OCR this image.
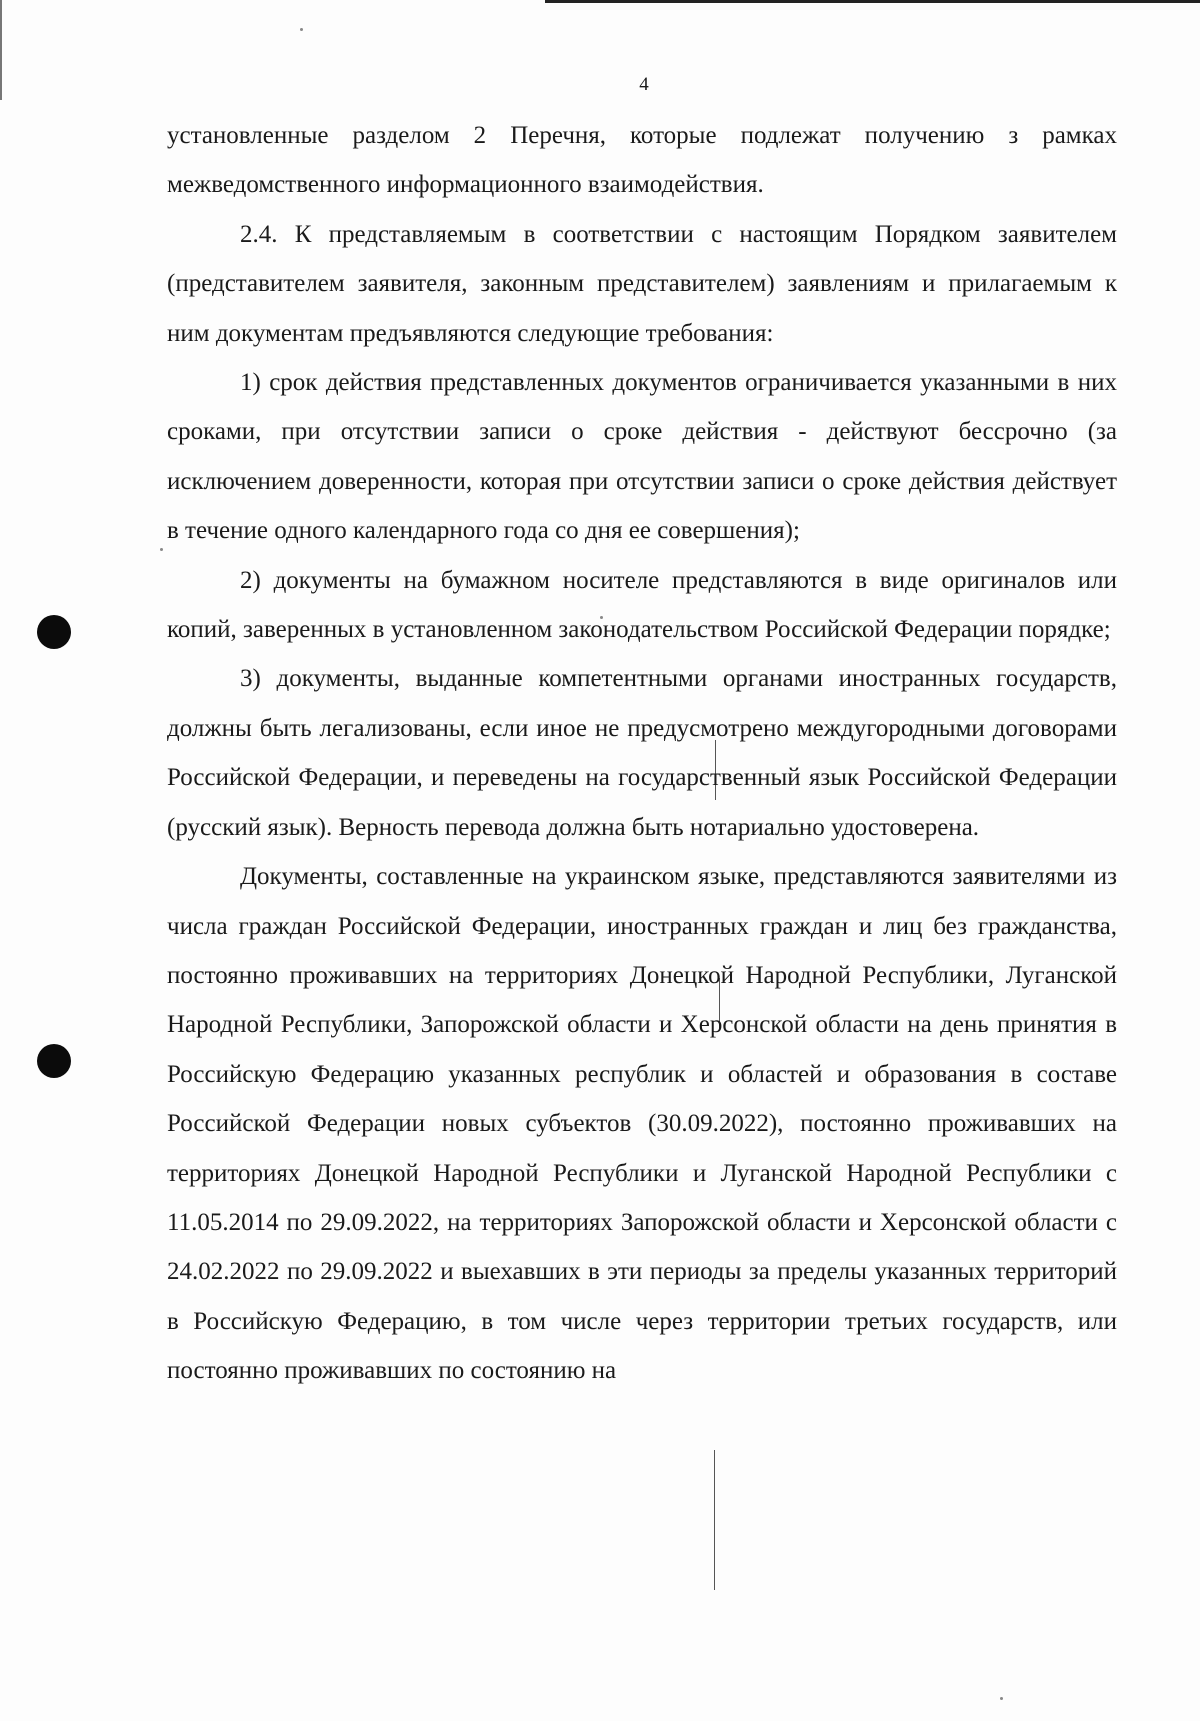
4

установленные разделом 2 Перечня, которые подлежат получению з рамках межведомственного информационного взаимодействия.

2.4. К представляемым в соответствии с настоящим Порядком заявителем (представителем заявителя, законным представителем) заявлениям и прилагаемым к ним документам предъявляются следующие требования:

1) срок действия представленных документов ограничивается указанными в них сроками, при отсутствии записи о сроке действия - действуют бессрочно (за исключением доверенности, которая при отсутствии записи о сроке действия действует в течение одного календарного года со дня ее совершения);

2) документы на бумажном носителе представляются в виде оригиналов или копий, заверенных в установленном законодательством Российской Федерации порядке;

3) документы, выданные компетентными органами иностранных государств, должны быть легализованы, если иное не предусмотрено междугородными договорами Российской Федерации, и переведены на государственный язык Российской Федерации (русский язык). Верность перевода должна быть нотариально удостоверена.

Документы, составленные на украинском языке, представляются заявителями из числа граждан Российской Федерации, иностранных граждан и лиц без гражданства, постоянно проживавших на территориях Донецкой Народной Республики, Луганской Народной Республики, Запорожской области и Херсонской области на день принятия в Российскую Федерацию указанных республик и областей и образования в составе Российской Федерации новых субъектов (30.09.2022), постоянно проживавших на территориях Донецкой Народной Республики и Луганской Народной Республики с 11.05.2014 по 29.09.2022, на территориях Запорожской области и Херсонской области с 24.02.2022 по 29.09.2022 и выехавших в эти периоды за пределы указанных территорий в Российскую Федерацию, в том числе через территории третьих государств, или постоянно проживавших по состоянию на
